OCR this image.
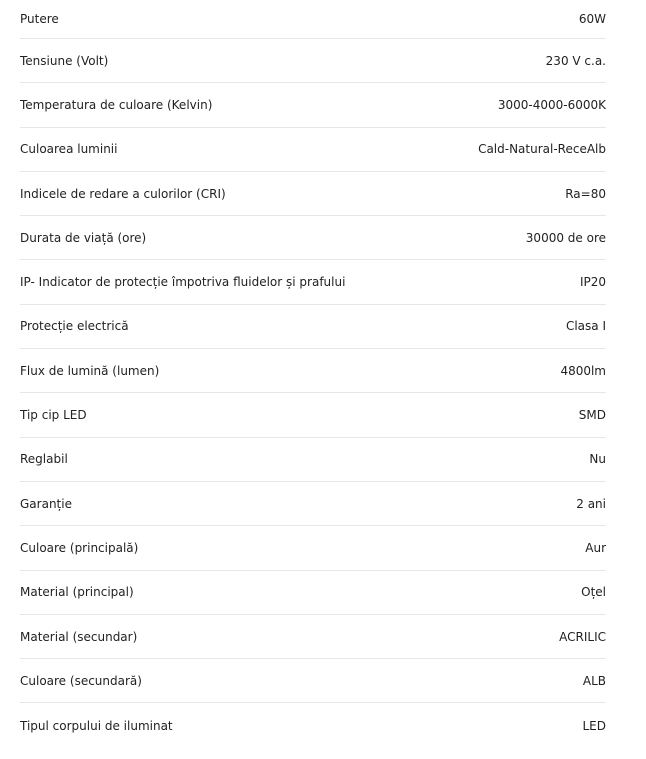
Putere	60W
Tensiune (Volt)	230 V c.a.
Temperatura de culoare (Kelvin)	3000-4000-6000K
Culoarea luminii	Cald-Natural-ReceAlb
Indicele de redare a culorilor (CRI)	Ra=80
Durata de viață (ore)	30000 de ore
IP- Indicator de protecție împotriva fluidelor și prafului	IP20
Protecție electrică	Clasa I
Flux de lumină (lumen)	4800lm
Tip cip LED	SMD
Reglabil	Nu
Garanție	2 ani
Culoare (principală)	Aur
Material (principal)	Oțel
Material (secundar)	ACRILIC
Culoare (secundară)	ALB
Tipul corpului de iluminat	LED
